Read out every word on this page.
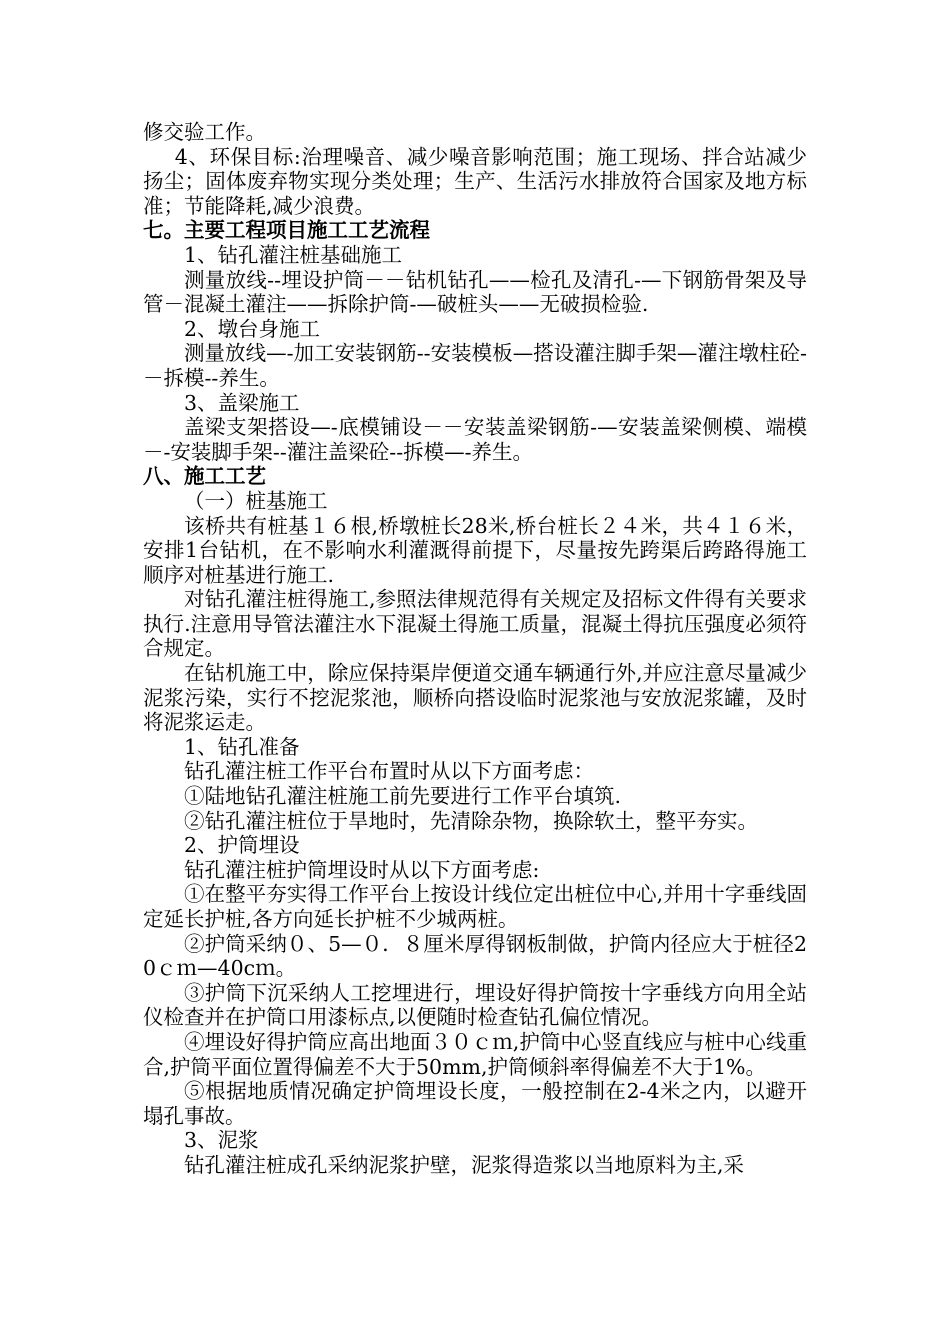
修交验工作。

4、环保目标:治理噪音、减少噪音影响范围；施工现场、拌合站减少扬尘；固体废弃物实现分类处理；生产、生活污水排放符合国家及地方标准；节能降耗,减少浪费。

七。主要工程项目施工工艺流程

1、钻孔灌注桩基础施工

测量放线--埋设护筒－－钻机钻孔——检孔及清孔-—下钢筋骨架及导管－混凝土灌注——拆除护筒-—破桩头——无破损检验.

2、墩台身施工

测量放线—-加工安装钢筋--安装模板—搭设灌注脚手架—灌注墩柱砼-－拆模--养生。

3、盖梁施工

盖梁支架搭设—-底模铺设－－安装盖梁钢筋-—安装盖梁侧模、端模－-安装脚手架--灌注盖梁砼--拆模—-养生。

八、施工工艺

（一）桩基施工

该桥共有桩基１６根,桥墩桩长28米,桥台桩长２４米，共４１６米，安排1台钻机，在不影响水利灌溉得前提下，尽量按先跨渠后跨路得施工顺序对桩基进行施工.

对钻孔灌注桩得施工,参照法律规范得有关规定及招标文件得有关要求执行.注意用导管法灌注水下混凝土得施工质量，混凝土得抗压强度必须符合规定。

在钻机施工中，除应保持渠岸便道交通车辆通行外,并应注意尽量减少泥浆污染，实行不挖泥浆池，顺桥向搭设临时泥浆池与安放泥浆罐，及时将泥浆运走。

1、钻孔准备

钻孔灌注桩工作平台布置时从以下方面考虑：

①陆地钻孔灌注桩施工前先要进行工作平台填筑.

②钻孔灌注桩位于旱地时，先清除杂物，换除软土，整平夯实。

2、护筒埋设

钻孔灌注桩护筒埋设时从以下方面考虑:

①在整平夯实得工作平台上按设计线位定出桩位中心,并用十字垂线固定延长护桩,各方向延长护桩不少城两桩。

②护筒采纳０、5—０．８厘米厚得钢板制做，护筒内径应大于桩径20ｃｍ—40cｍ。

③护筒下沉采纳人工挖埋进行，埋设好得护筒按十字垂线方向用全站仪检查并在护筒口用漆标点,以便随时检查钻孔偏位情况。

④埋设好得护筒应高出地面３０ｃｍ,护筒中心竖直线应与桩中心线重合,护筒平面位置得偏差不大于50mm,护筒倾斜率得偏差不大于1%。

⑤根据地质情况确定护筒埋设长度，一般控制在2-4米之内，以避开塌孔事故。

3、泥浆

钻孔灌注桩成孔采纳泥浆护壁，泥浆得造浆以当地原料为主,采
